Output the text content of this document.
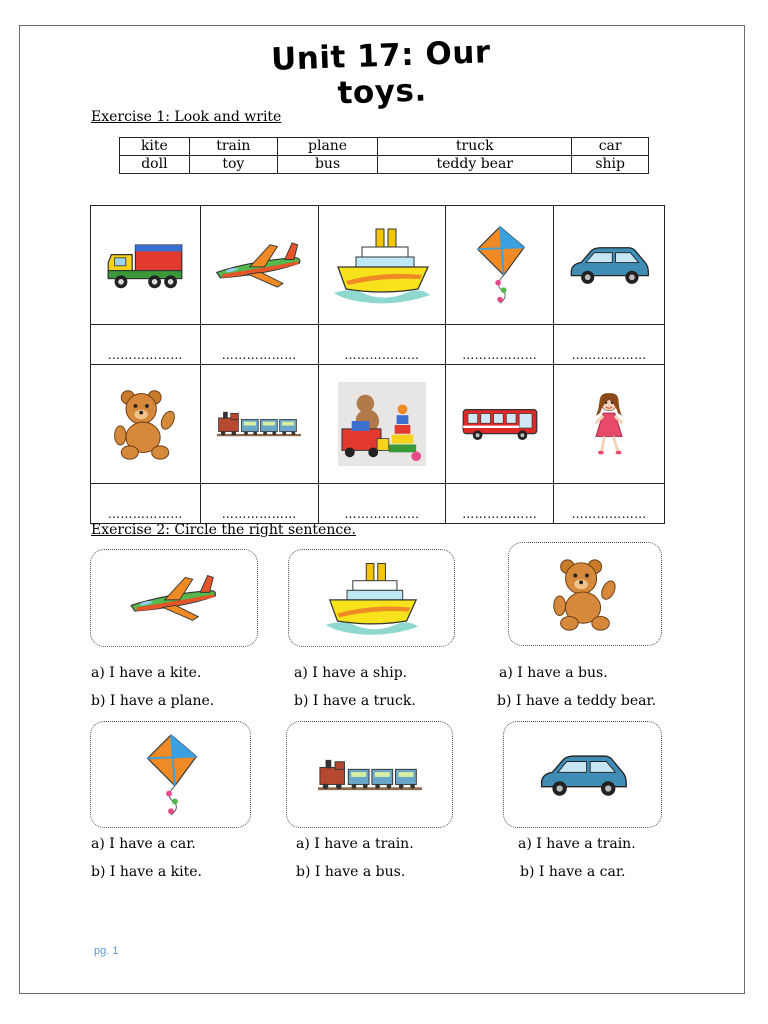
Unit 17: Our toys.
Exercise 1: Look and write
kite	train	plane	truck	car
doll	toy	bus	teddy bear	ship

………………	………………	………………	………………	………………

………………	………………	………………	………………	………………
Exercise 2: Circle the right sentence.
a) I have a kite.
b) I have a plane.
a) I have a ship.
b) I have a truck.
a) I have a bus.
b) I have a teddy bear.
a) I have a car.
b) I have a kite.
a) I have a train.
b) I have a bus.
a) I have a train.
b) I have a car.
pg. 1
